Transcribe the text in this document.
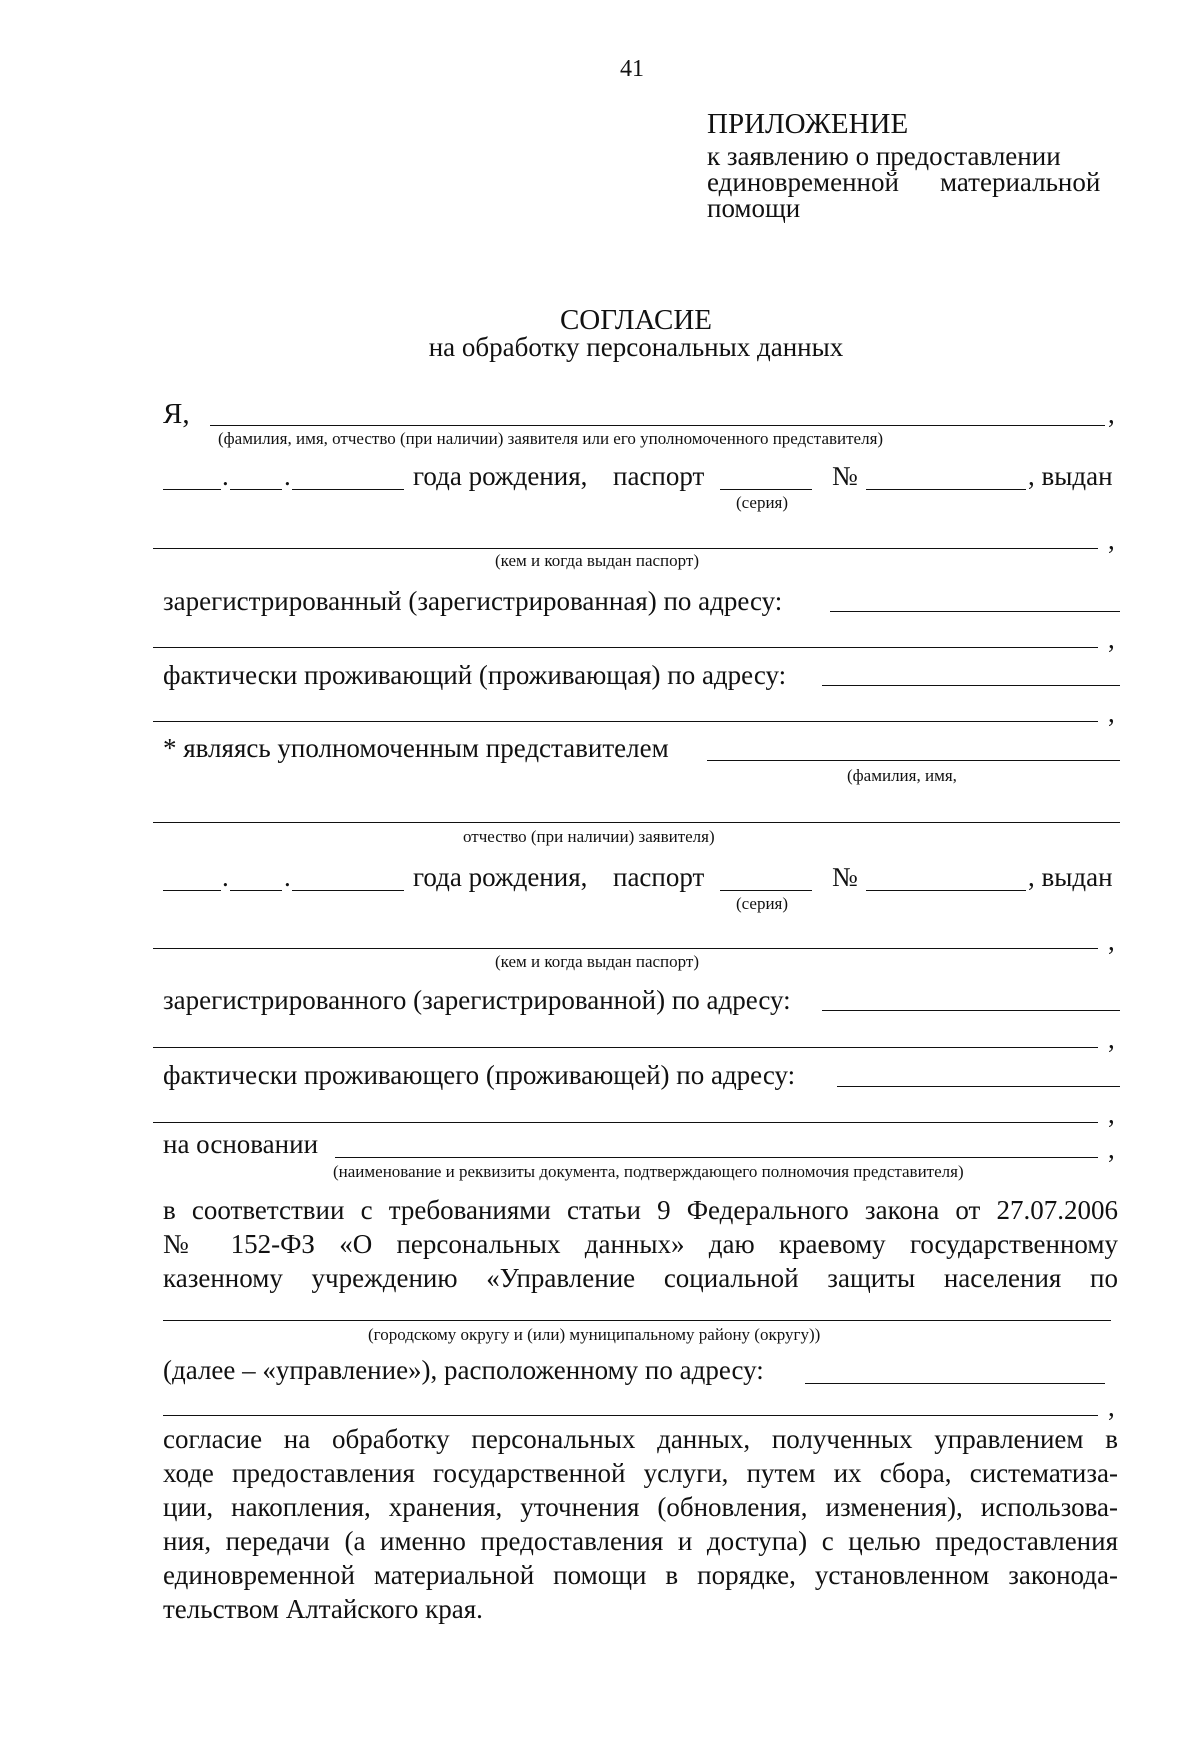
41
ПРИЛОЖЕНИЕ
к заявлению о предоставлении
единовременной материальной
помощи
СОГЛАСИЕ
на обработку персональных данных
Я,	,
(фамилия, имя, отчество (при наличии) заявителя или его уполномоченного представителя)
. .	года рождения, паспорт	№	, выдан
(серия)
,
(кем и когда выдан паспорт)
зарегистрированный (зарегистрированная) по адресу:
,
фактически проживающий (проживающая) по адресу:
,
* являясь уполномоченным представителем
(фамилия, имя,
отчество (при наличии) заявителя)
. .	года рождения, паспорт	№	, выдан
(серия)
,
(кем и когда выдан паспорт)
зарегистрированного (зарегистрированной) по адресу:
,
фактически проживающего (проживающей) по адресу:
,
на основании	,
(наименование и реквизиты документа, подтверждающего полномочия представителя)
в соответствии с требованиями статьи 9 Федерального закона от 27.07.2006
№ 152-ФЗ «О персональных данных» даю краевому государственному
казенному учреждению «Управление социальной защиты населения по
(городскому округу и (или) муниципальному району (округу))
(далее – «управление»), расположенному по адресу:
,
согласие на обработку персональных данных, полученных управлением в
ходе предоставления государственной услуги, путем их сбора, систематиза-
ции, накопления, хранения, уточнения (обновления, изменения), использова-
ния, передачи (а именно предоставления и доступа) с целью предоставления
единовременной материальной помощи в порядке, установленном законода-
тельством Алтайского края.
